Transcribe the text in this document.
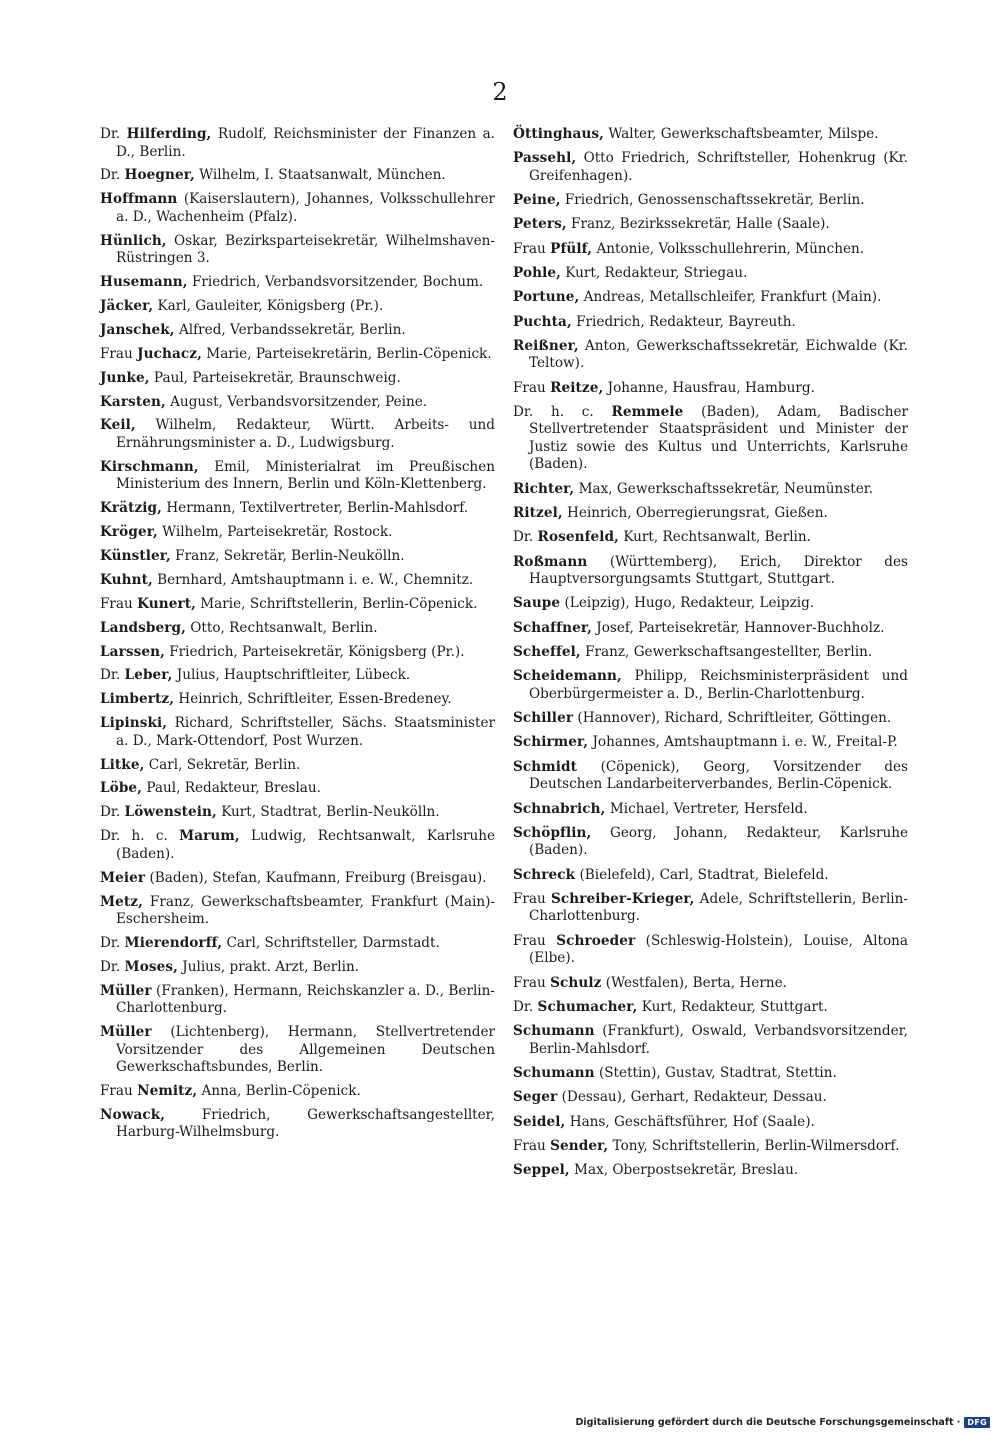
2

Dr. Hilferding, Rudolf, Reichsminister der Finanzen a. D., Berlin.

Dr. Hoegner, Wilhelm, I. Staatsanwalt, München.

Hoffmann (Kaiserslautern), Johannes, Volksschullehrer a. D., Wachenheim (Pfalz).

Hünlich, Oskar, Bezirksparteisekretär, Wilhelmshaven-Rüstringen 3.

Husemann, Friedrich, Verbandsvorsitzender, Bochum.

Jäcker, Karl, Gauleiter, Königsberg (Pr.).

Janschek, Alfred, Verbandssekretär, Berlin.

Frau Juchacz, Marie, Parteisekretärin, Berlin-Cöpenick.

Junke, Paul, Parteisekretär, Braunschweig.

Karsten, August, Verbandsvorsitzender, Peine.

Keil, Wilhelm, Redakteur, Württ. Arbeits- und Ernährungsminister a. D., Ludwigsburg.

Kirschmann, Emil, Ministerialrat im Preußischen Ministerium des Innern, Berlin und Köln-Klettenberg.

Krätzig, Hermann, Textilvertreter, Berlin-Mahlsdorf.

Kröger, Wilhelm, Parteisekretär, Rostock.

Künstler, Franz, Sekretär, Berlin-Neukölln.

Kuhnt, Bernhard, Amtshauptmann i. e. W., Chemnitz.

Frau Kunert, Marie, Schriftstellerin, Berlin-Cöpenick.

Landsberg, Otto, Rechtsanwalt, Berlin.

Larssen, Friedrich, Parteisekretär, Königsberg (Pr.).

Dr. Leber, Julius, Hauptschriftleiter, Lübeck.

Limbertz, Heinrich, Schriftleiter, Essen-Bredeney.

Lipinski, Richard, Schriftsteller, Sächs. Staatsminister a. D., Mark-Ottendorf, Post Wurzen.

Litke, Carl, Sekretär, Berlin.

Löbe, Paul, Redakteur, Breslau.

Dr. Löwenstein, Kurt, Stadtrat, Berlin-Neukölln.

Dr. h. c. Marum, Ludwig, Rechtsanwalt, Karlsruhe (Baden).

Meier (Baden), Stefan, Kaufmann, Freiburg (Breisgau).

Metz, Franz, Gewerkschaftsbeamter, Frankfurt (Main)-Eschersheim.

Dr. Mierendorff, Carl, Schriftsteller, Darmstadt.

Dr. Moses, Julius, prakt. Arzt, Berlin.

Müller (Franken), Hermann, Reichskanzler a. D., Berlin-Charlottenburg.

Müller (Lichtenberg), Hermann, Stellvertretender Vorsitzender des Allgemeinen Deutschen Gewerkschaftsbundes, Berlin.

Frau Nemitz, Anna, Berlin-Cöpenick.

Nowack, Friedrich, Gewerkschaftsangestellter, Harburg-Wilhelmsburg.

Öttinghaus, Walter, Gewerkschaftsbeamter, Milspe.

Passehl, Otto Friedrich, Schriftsteller, Hohenkrug (Kr. Greifenhagen).

Peine, Friedrich, Genossenschaftssekretär, Berlin.

Peters, Franz, Bezirkssekretär, Halle (Saale).

Frau Pfülf, Antonie, Volksschullehrerin, München.

Pohle, Kurt, Redakteur, Striegau.

Portune, Andreas, Metallschleifer, Frankfurt (Main).

Puchta, Friedrich, Redakteur, Bayreuth.

Reißner, Anton, Gewerkschaftssekretär, Eichwalde (Kr. Teltow).

Frau Reitze, Johanne, Hausfrau, Hamburg.

Dr. h. c. Remmele (Baden), Adam, Badischer Stellvertretender Staatspräsident und Minister der Justiz sowie des Kultus und Unterrichts, Karlsruhe (Baden).

Richter, Max, Gewerkschaftssekretär, Neumünster.

Ritzel, Heinrich, Oberregierungsrat, Gießen.

Dr. Rosenfeld, Kurt, Rechtsanwalt, Berlin.

Roßmann (Württemberg), Erich, Direktor des Hauptversorgungsamts Stuttgart, Stuttgart.

Saupe (Leipzig), Hugo, Redakteur, Leipzig.

Schaffner, Josef, Parteisekretär, Hannover-Buchholz.

Scheffel, Franz, Gewerkschaftsangestellter, Berlin.

Scheidemann, Philipp, Reichsministerpräsident und Oberbürgermeister a. D., Berlin-Charlottenburg.

Schiller (Hannover), Richard, Schriftleiter, Göttingen.

Schirmer, Johannes, Amtshauptmann i. e. W., Freital-P.

Schmidt (Cöpenick), Georg, Vorsitzender des Deutschen Landarbeiterverbandes, Berlin-Cöpenick.

Schnabrich, Michael, Vertreter, Hersfeld.

Schöpflin, Georg, Johann, Redakteur, Karlsruhe (Baden).

Schreck (Bielefeld), Carl, Stadtrat, Bielefeld.

Frau Schreiber-Krieger, Adele, Schriftstellerin, Berlin-Charlottenburg.

Frau Schroeder (Schleswig-Holstein), Louise, Altona (Elbe).

Frau Schulz (Westfalen), Berta, Herne.

Dr. Schumacher, Kurt, Redakteur, Stuttgart.

Schumann (Frankfurt), Oswald, Verbandsvorsitzender, Berlin-Mahlsdorf.

Schumann (Stettin), Gustav, Stadtrat, Stettin.

Seger (Dessau), Gerhart, Redakteur, Dessau.

Seidel, Hans, Geschäftsführer, Hof (Saale).

Frau Sender, Tony, Schriftstellerin, Berlin-Wilmersdorf.

Seppel, Max, Oberpostsekretär, Breslau.

Digitalisierung gefördert durch die Deutsche Forschungsgemeinschaft · DFG
